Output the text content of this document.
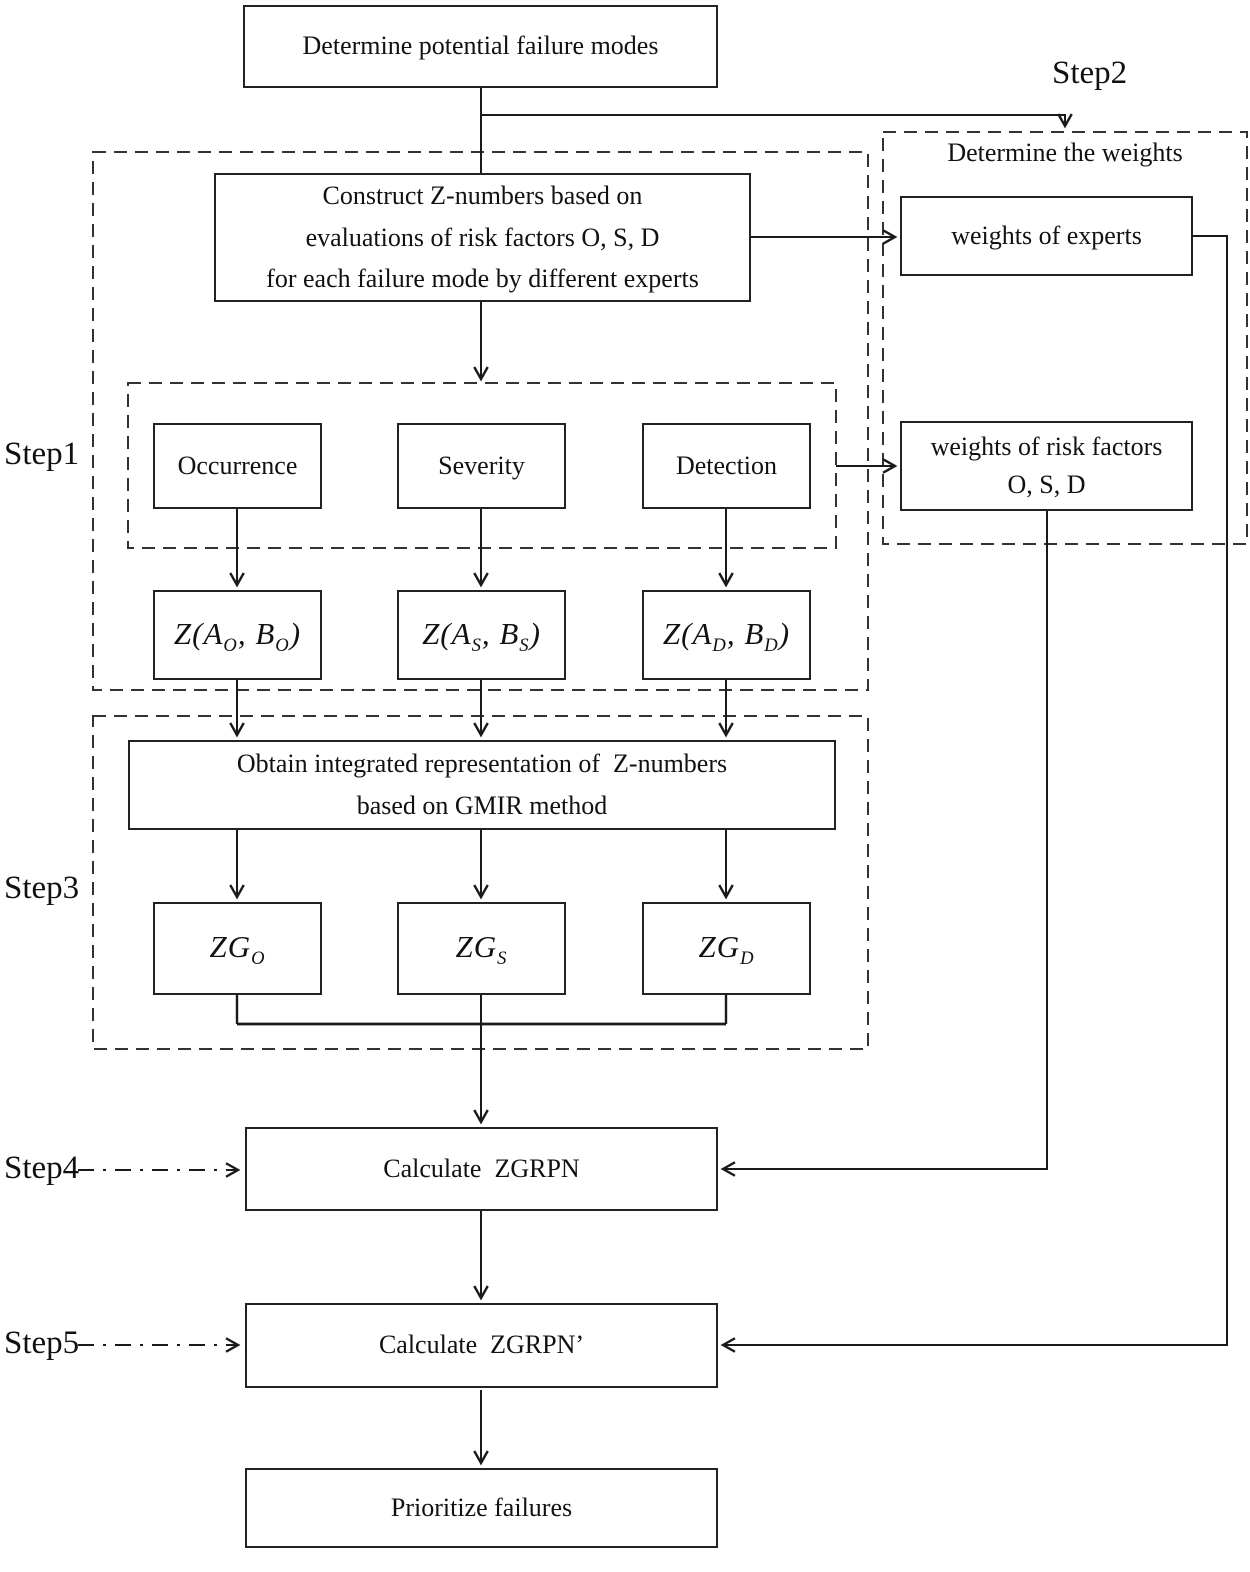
Step1
Step2
Step3
Step4
Step5
Determine the weights
Determine potential failure modes
Construct Z-numbers based on
evaluations of risk factors O, S, D
for each failure mode by different experts
Occurrence	Severity	Detection
$Z(A_O$, $B_O$)	$Z(A_S$, $B_S$)	$Z(A_D$, $B_D$)
Obtain integrated representation of  Z-numbers
based on GMIR method
$ZG_O$	$ZG_S$	$ZG_D$
Calculate  ZGRPN
Calculate  ZGRPN’
Prioritize failures
weights of experts
weights of risk factors
O, S, D
